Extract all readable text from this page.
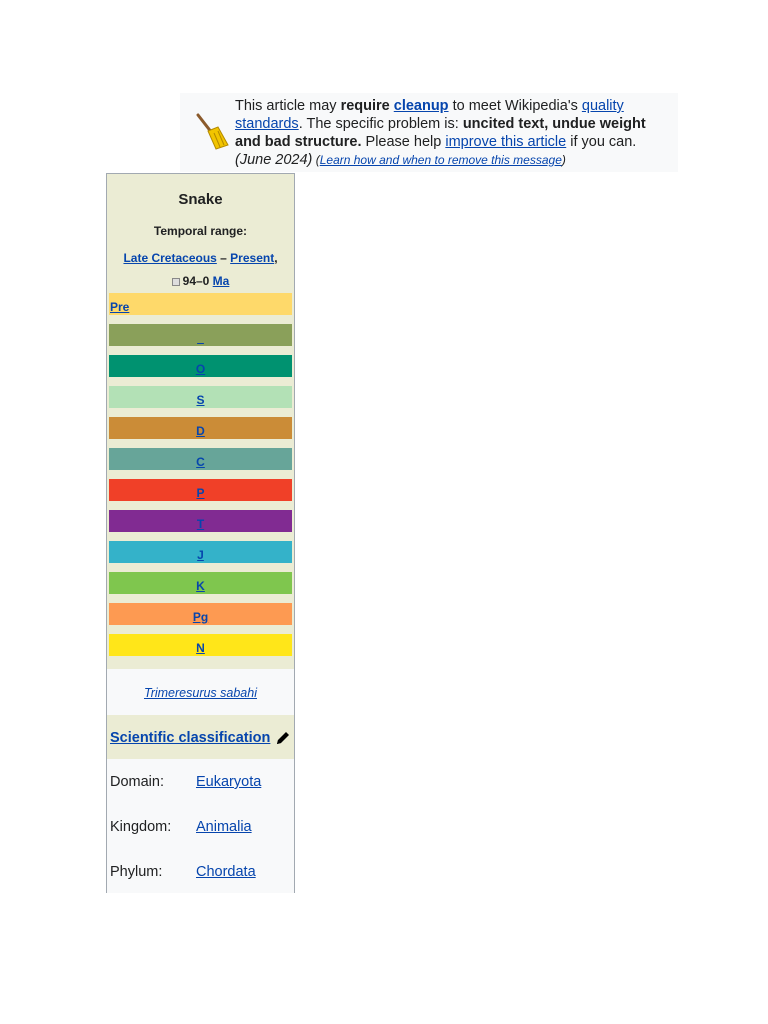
This article may require cleanup to meet Wikipedia's quality standards. The specific problem is: uncited text, undue weight and bad structure. Please help improve this article if you can. (June 2024) (Learn how and when to remove this message)
Snake
Temporal range:
Late Cretaceous – Present,
94–0 Ma
Pre
_
O
S
D
C
P
T
J
K
Pg
N
Trimeresurus sabahi
Scientific classification
Domain: Eukaryota
Kingdom: Animalia
Phylum: Chordata
